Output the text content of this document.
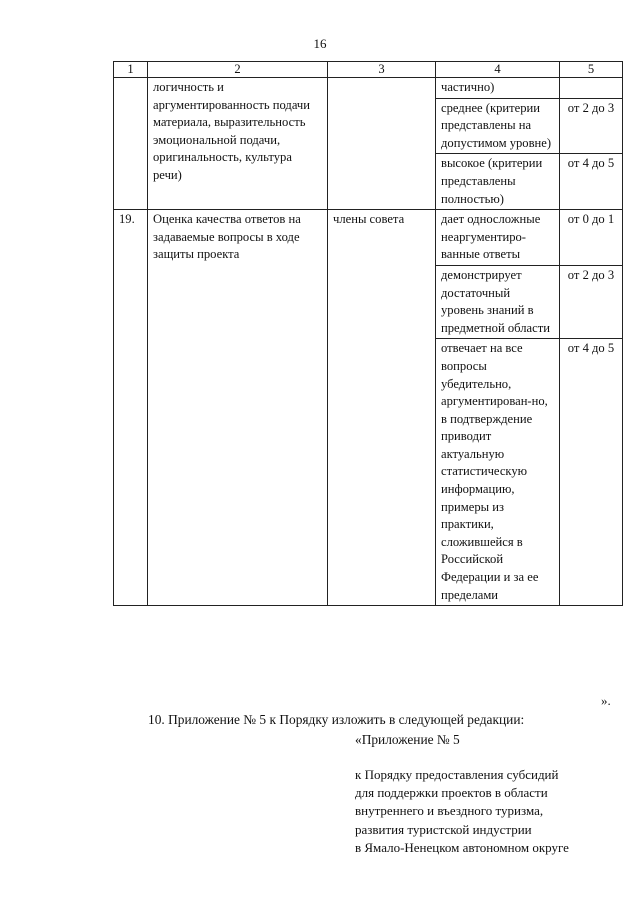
16
1	2	3	4	5
	логичность и аргументированность подачи материала, выразительность эмоциональной подачи, оригинальность, культура речи)		частично)	
			среднее (критерии представлены на допустимом уровне)	от 2 до 3
			высокое (критерии представлены полностью)	от 4 до 5
19.	Оценка качества ответов на задаваемые вопросы в ходе защиты проекта	члены совета	дает односложные неаргументиро-ванные ответы	от 0 до 1
			демонстрирует достаточный уровень знаний в предметной области	от 2 до 3
			отвечает на все вопросы убедительно, аргументирован-но, в подтверждение приводит актуальную статистическую информацию, примеры из практики, сложившейся в Российской Федерации и за ее пределами	от 4 до 5
».
10. Приложение № 5 к Порядку изложить в следующей редакции:
«Приложение № 5
к Порядку предоставления субсидий
для поддержки проектов в области
внутреннего и въездного туризма,
развития туристской индустрии
в Ямало-Ненецком автономном округе
